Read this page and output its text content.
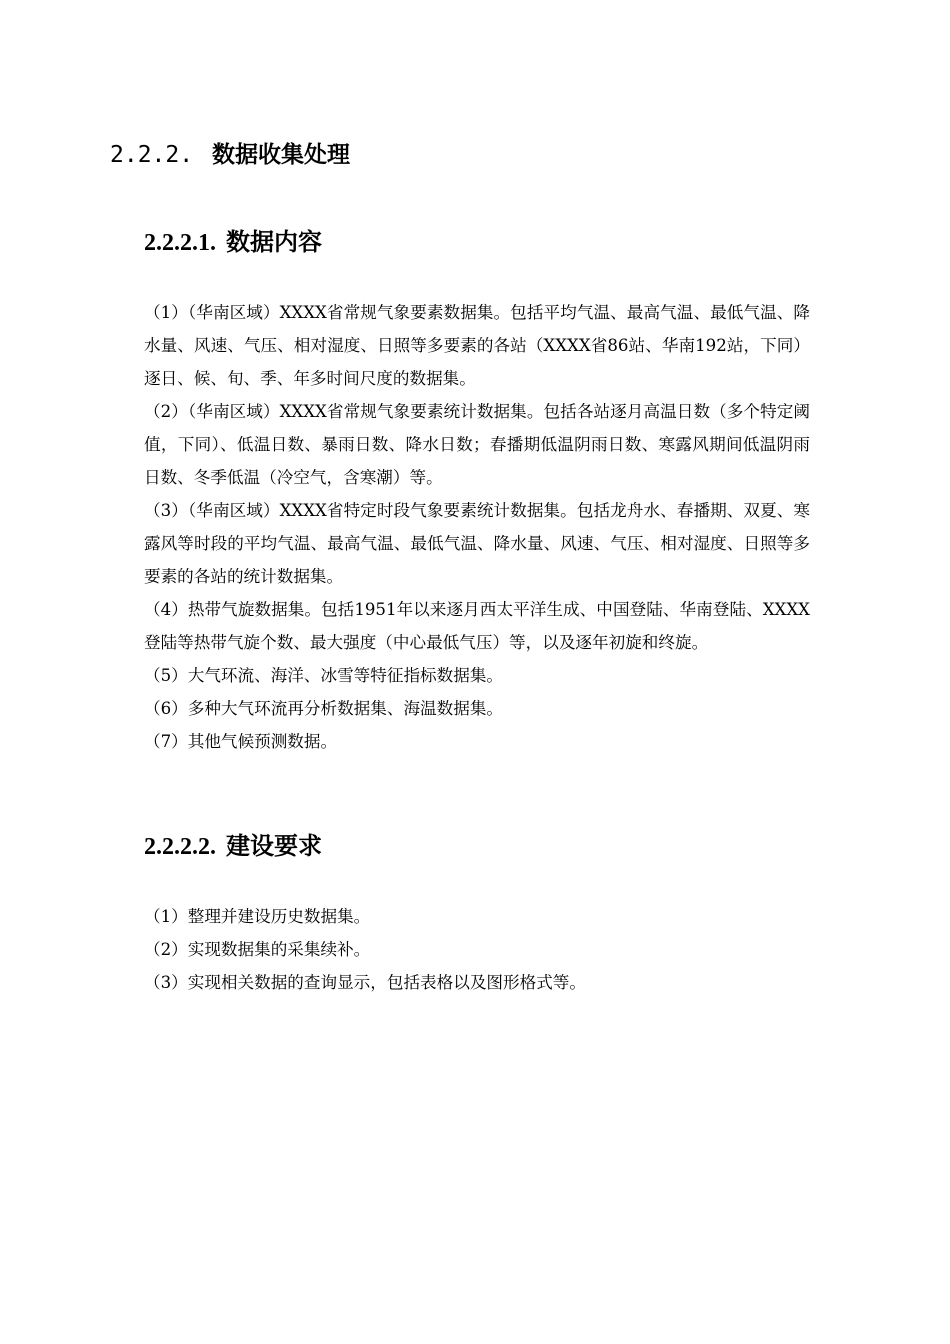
2.2.2. 数据收集处理
2.2.2.1. 数据内容

（1）（华南区域）XXXX省常规气象要素数据集。包括平均气温、最高气温、最低气温、降水量、风速、气压、相对湿度、日照等多要素的各站（XXXX省86站、华南192站，下同）逐日、候、旬、季、年多时间尺度的数据集。

（2）（华南区域）XXXX省常规气象要素统计数据集。包括各站逐月高温日数（多个特定阈值，下同）、低温日数、暴雨日数、降水日数；春播期低温阴雨日数、寒露风期间低温阴雨日数、冬季低温（冷空气，含寒潮）等。

（3）（华南区域）XXXX省特定时段气象要素统计数据集。包括龙舟水、春播期、双夏、寒露风等时段的平均气温、最高气温、最低气温、降水量、风速、气压、相对湿度、日照等多要素的各站的统计数据集。

（4）热带气旋数据集。包括1951年以来逐月西太平洋生成、中国登陆、华南登陆、XXXX登陆等热带气旋个数、最大强度（中心最低气压）等，以及逐年初旋和终旋。

（5）大气环流、海洋、冰雪等特征指标数据集。

（6）多种大气环流再分析数据集、海温数据集。

（7）其他气候预测数据。

2.2.2.2. 建设要求

（1）整理并建设历史数据集。

（2）实现数据集的采集续补。

（3）实现相关数据的查询显示，包括表格以及图形格式等。
